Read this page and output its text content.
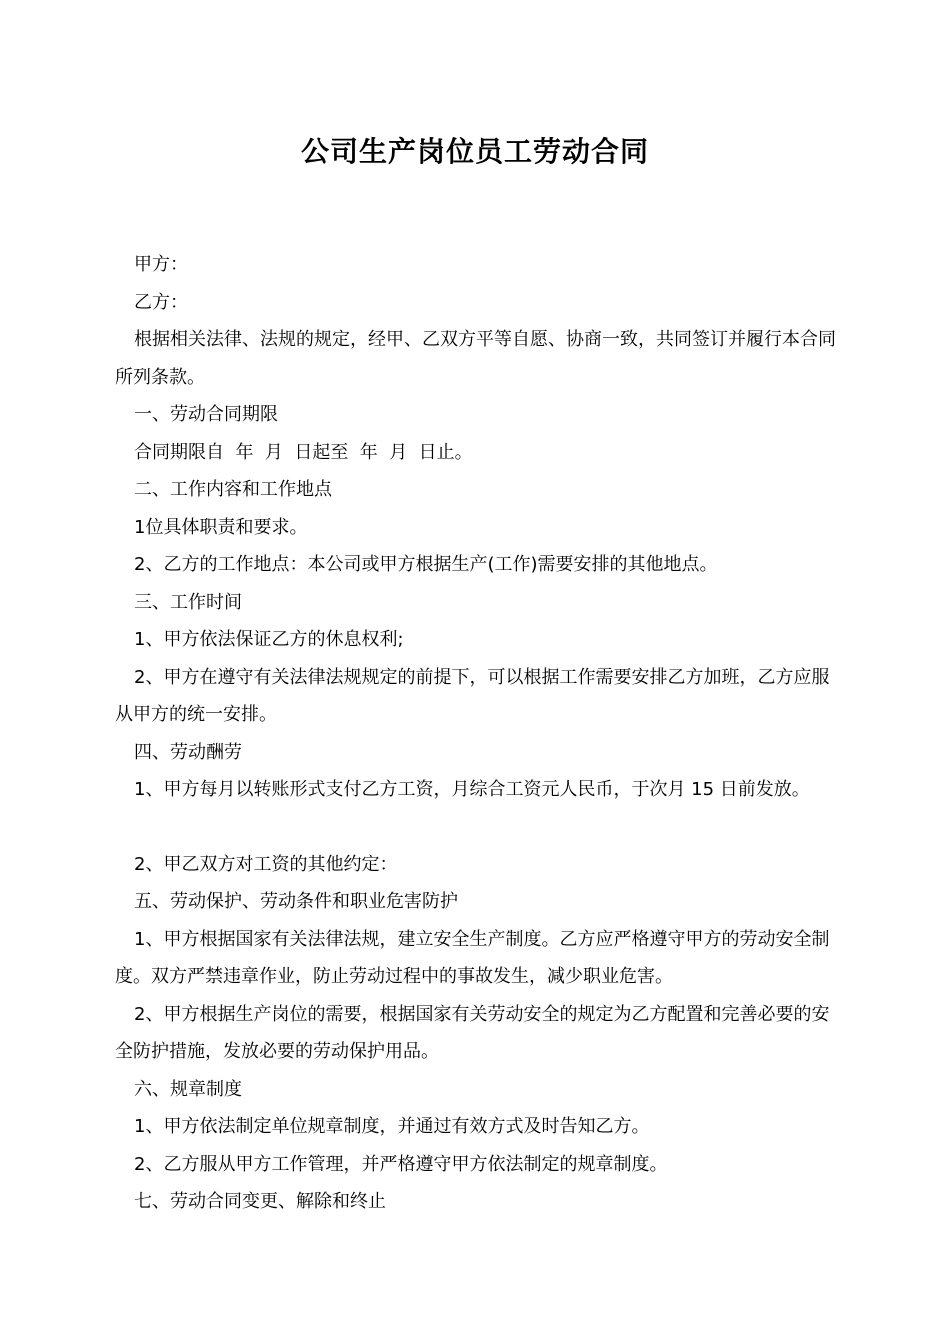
公司生产岗位员工劳动合同

甲方：

乙方：

根据相关法律、法规的规定，经甲、乙双方平等自愿、协商一致，共同签订并履行本合同所列条款。

一、劳动合同期限

合同期限自  年  月  日起至  年  月  日止。

二、工作内容和工作地点

1位具体职责和要求。

2、乙方的工作地点：本公司或甲方根据生产(工作)需要安排的其他地点。

三、工作时间

1、甲方依法保证乙方的休息权利;

2、甲方在遵守有关法律法规规定的前提下，可以根据工作需要安排乙方加班，乙方应服从甲方的统一安排。

四、劳动酬劳

1、甲方每月以转账形式支付乙方工资，月综合工资元人民币，于次月 15 日前发放。

2、甲乙双方对工资的其他约定：

五、劳动保护、劳动条件和职业危害防护

1、甲方根据国家有关法律法规，建立安全生产制度。乙方应严格遵守甲方的劳动安全制度。双方严禁违章作业，防止劳动过程中的事故发生，减少职业危害。

2、甲方根据生产岗位的需要，根据国家有关劳动安全的规定为乙方配置和完善必要的安全防护措施，发放必要的劳动保护用品。

六、规章制度

1、甲方依法制定单位规章制度，并通过有效方式及时告知乙方。

2、乙方服从甲方工作管理，并严格遵守甲方依法制定的规章制度。

七、劳动合同变更、解除和终止
